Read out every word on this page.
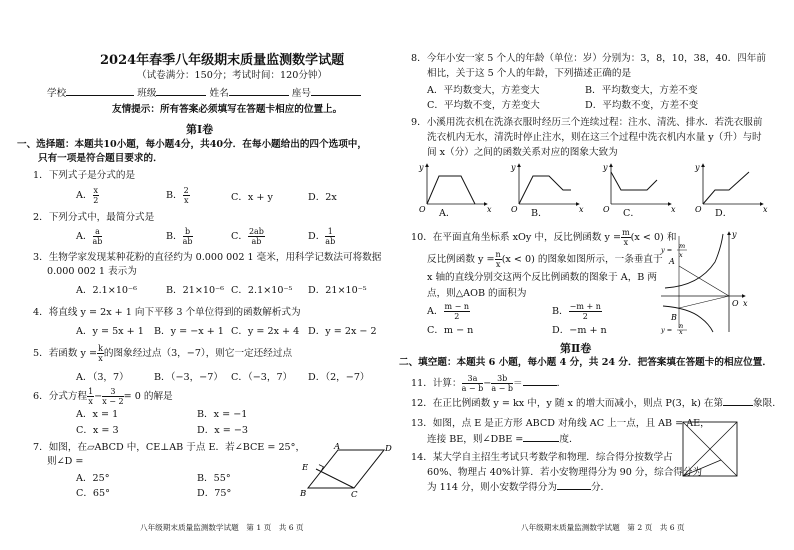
2024年春季八年级期末质量监测数学试题
（试卷满分：150分；考试时间：120分钟）
学校	班级	姓名	座号
友情提示：所有答案必须填写在答题卡相应的位置上。
第Ⅰ卷
一、选择题：本题共10小题，每小题4分，共40分．在每小题给出的四个选项中，
只有一项是符合题目要求的．
1．下列式子是分式的是
A． $\frac{x}{2}$	B． $\frac{2}{x}$	C．x + y	D．2x
2．下列分式中，最简分式是
A． $\frac{a}{ab}$	B． $\frac{b}{ab}$	C． $\frac{2ab}{ab}$	D． $\frac{1}{ab}$
3．生物学家发现某种花粉的直径约为 0.000 002 1 毫米，用科学记数法可将数据
0.000 002 1 表示为
A．2.1×10⁻⁶	B．21×10⁻⁶ C．2.1×10⁻⁵ D．21×10⁻⁵
4．将直线 y = 2x + 1 向下平移 3 个单位得到的函数解析式为
A．y = 5x + 1 B．y = −x + 1 C．y = 2x + 4 D．y = 2x − 2
5．若函数 $y = \frac{k}{x}$ 的图象经过点（3，−7），则它一定还经过点
A．（3，7）	B．（−3，−7） C．（−3，7） D．（2，−7）
6．分式方程 $\frac{1}{x} - \frac{3}{x - 2} = 0$ 的解是
A．x = 1	B．x = −1
C．x = 3	D．x = −3
7．如图，在▱ABCD 中，CE⊥AB 于点 E．若∠BCE = 25°，
则∠D =
A．25°	B．55°
C．65°	D．75°
A	D
E
B	C
八年级期末质量监测数学试题　第 1 页　共 6 页
8．今年小安一家 5 个人的年龄（单位：岁）分别为：3，8，10，38，40．四年前
相比，关于这 5 个人的年龄，下列描述正确的是
A．平均数变大，方差变大	B．平均数变大，方差不变
C．平均数不变，方差变大	D．平均数不变，方差不变
9．小溪用洗衣机在洗涤衣服时经历三个连续过程：注水、清洗、排水．若洗衣服前
洗衣机内无水，清洗时停止注水，则在这三个过程中洗衣机内水量 y（升）与时
间 x（分）之间的函数关系对应的图象大致为
y
O	x
y
O	x
y
O	x
y
O	x
A．	B．	C．	D．
10．在平面直角坐标系 xOy 中，反比例函数 $y = \frac{m}{x} (x < 0)$ 和
反比例函数 $y = \frac{n}{x} (x < 0)$ 的图象如图所示，一条垂直于
x 轴的直线分别交这两个反比例函数的图象于 A，B 两
点，则△AOB 的面积为
A． $\frac{m - n}{2}$	B． $\frac{-m + n}{2}$
C．m − n	D．−m + n
A
B
O x
y
y = m
x
y = n
x
第Ⅱ卷
二、填空题：本题共 6 小题，每小题 4 分，共 24 分．把答案填在答题卡的相应位置．
11．计算： $\frac{3a}{a - b} - \frac{3b}{a - b}$ ＝	．
12．在正比例函数 y = kx 中，y 随 x 的增大而减小，则点 P(3，k) 在第	象限．
13．如图，点 E 是正方形 ABCD 对角线 AC 上一点，且 AB = AE，
连接 BE，则∠DBE =	度．
14．某大学自主招生考试只考数学和物理．综合得分按数学占
60%、物理占 40%计算．若小安物理得分为 90 分，综合得分为
为 114 分，则小安数学得分为	分．
八年级期末质量监测数学试题　第 2 页　共 6 页
